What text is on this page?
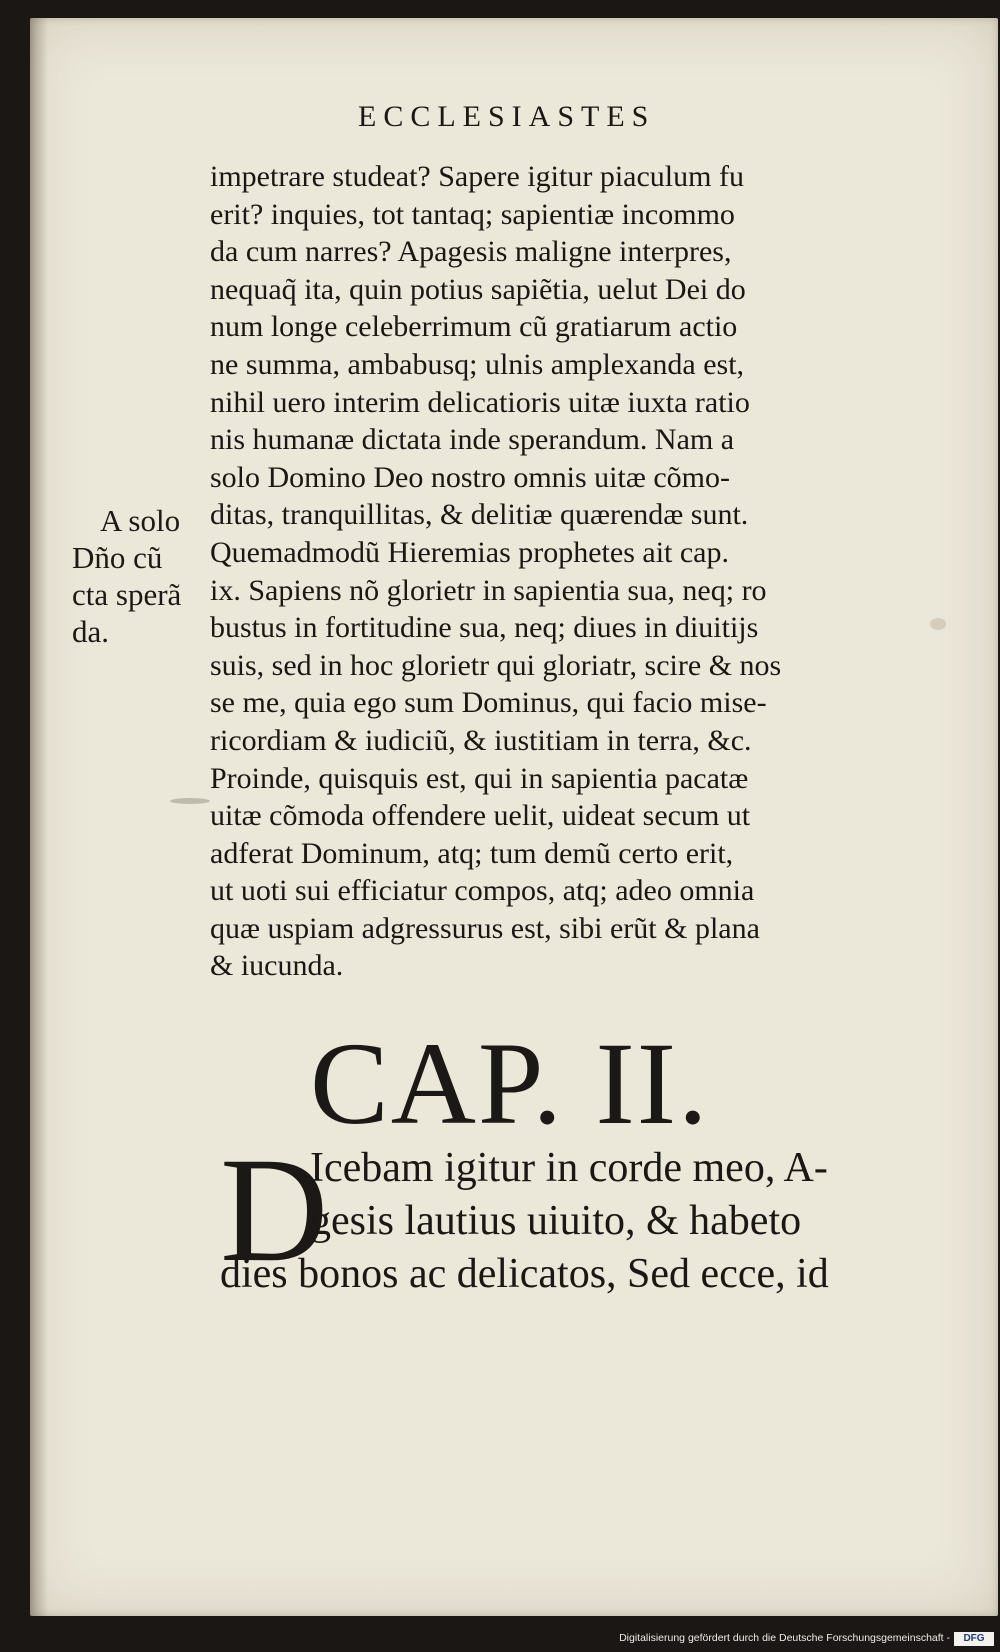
ECCLESIASTES
A solo
Dño cũ
cta sperã
da.
impetrare studeat? Sapere igitur piaculum fu
erit? inquies, tot tantaq; sapientiæ incommo
da cum narres? Apagesis maligne interpres,
nequaq̃ ita, quin potius sapiẽtia, uelut Dei do
num longe celeberrimum cũ gratiarum actio
ne summa, ambabusq; ulnis amplexanda est,
nihil uero interim delicatioris uitæ iuxta ratio
nis humanæ dictata inde sperandum. Nam a
solo Domino Deo nostro omnis uitæ cõmo-
ditas, tranquillitas, & delitiæ quærendæ sunt.
Quemadmodũ Hieremias prophetes ait cap.
ix. Sapiens nõ glorietr in sapientia sua, neq; ro
bustus in fortitudine sua, neq; diues in diuitijs
suis, sed in hoc glorietr qui gloriatr, scire & nos
se me, quia ego sum Dominus, qui facio mise-
ricordiam & iudiciũ, & iustitiam in terra, &c.
Proinde, quisquis est, qui in sapientia pacatæ
uitæ cõmoda offendere uelit, uideat secum ut
adferat Dominum, atq; tum demũ certo erit,
ut uoti sui efficiatur compos, atq; adeo omnia
quæ uspiam adgressurus est, sibi erũt & plana
& iucunda.
CAP. II.
D
Icebam igitur in corde meo, A-
gesis lautius uiuito, & habeto
dies bonos ac delicatos, Sed ecce, id
Digitalisierung gefördert durch die Deutsche Forschungsgemeinschaft -	DFG
